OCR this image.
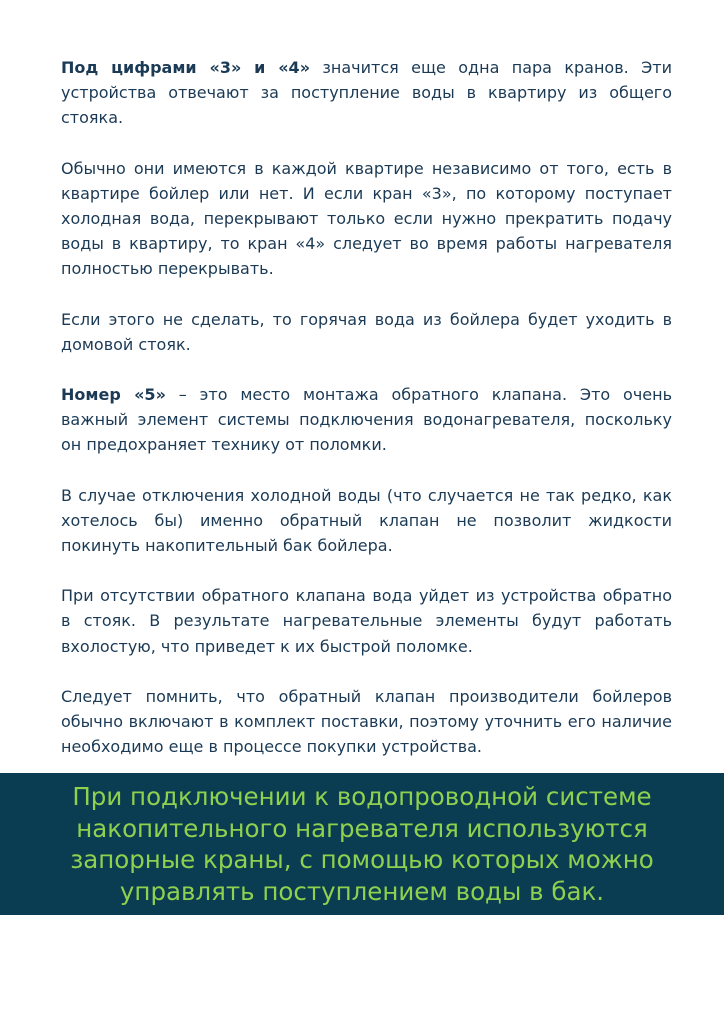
Под цифрами «3» и «4» значится еще одна пара кранов. Эти устройства отвечают за поступление воды в квартиру из общего стояка.

Обычно они имеются в каждой квартире независимо от того, есть в квартире бойлер или нет. И если кран «3», по которому поступает холодная вода, перекрывают только если нужно прекратить подачу воды в квартиру, то кран «4» следует во время работы нагревателя полностью перекрывать.

Если этого не сделать, то горячая вода из бойлера будет уходить в домовой стояк.

Номер «5» – это место монтажа обратного клапана. Это очень важный элемент системы подключения водонагревателя, поскольку он предохраняет технику от поломки.

В случае отключения холодной воды (что случается не так редко, как хотелось бы) именно обратный клапан не позволит жидкости покинуть накопительный бак бойлера.

При отсутствии обратного клапана вода уйдет из устройства обратно в стояк. В результате нагревательные элементы будут работать вхолостую, что приведет к их быстрой поломке.

Следует помнить, что обратный клапан производители бойлеров обычно включают в комплект поставки, поэтому уточнить его наличие необходимо еще в процессе покупки устройства.

При подключении к водопроводной системе накопительного нагревателя используются запорные краны, с помощью которых можно управлять поступлением воды в бак.
